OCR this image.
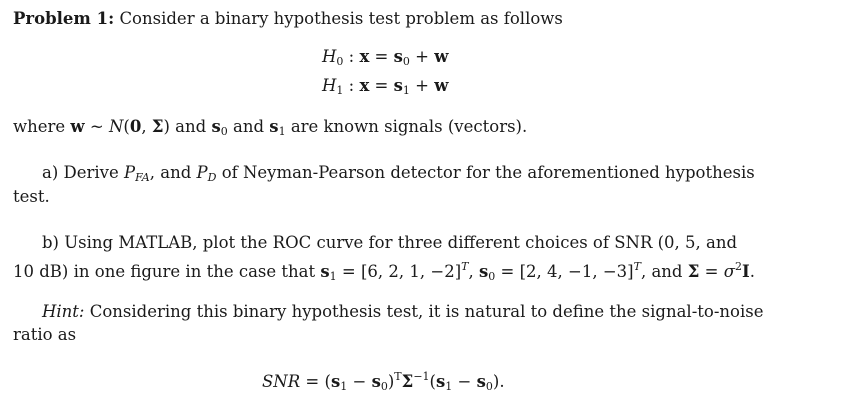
Problem 1: Consider a binary hypothesis test problem as follows
$H_0$ : $x = s_0 + w$
$H_1$ : $x = s_1 + w$
where w ~ N(0, Σ) and $s_0$ and $s_1$ are known signals (vectors).
a) Derive $P_{FA}$, and $P_D$ of Neyman-Pearson detector for the aforementioned hypothesis
test.
b) Using MATLAB, plot the ROC curve for three different choices of SNR (0, 5, and
10 dB) in one figure in the case that $s_1 = [6$, 2, 1, −2]$^T$, $s_0 = [2$, 4, −1, −3]$^T$, and $\Sigma = \sigma^2I$.
Hint: Considering this binary hypothesis test, it is natural to define the signal-to-noise
ratio as
SNR = $(s_1 - s_0)^T\Sigma^{-1}(s_1 - s_0)$.
